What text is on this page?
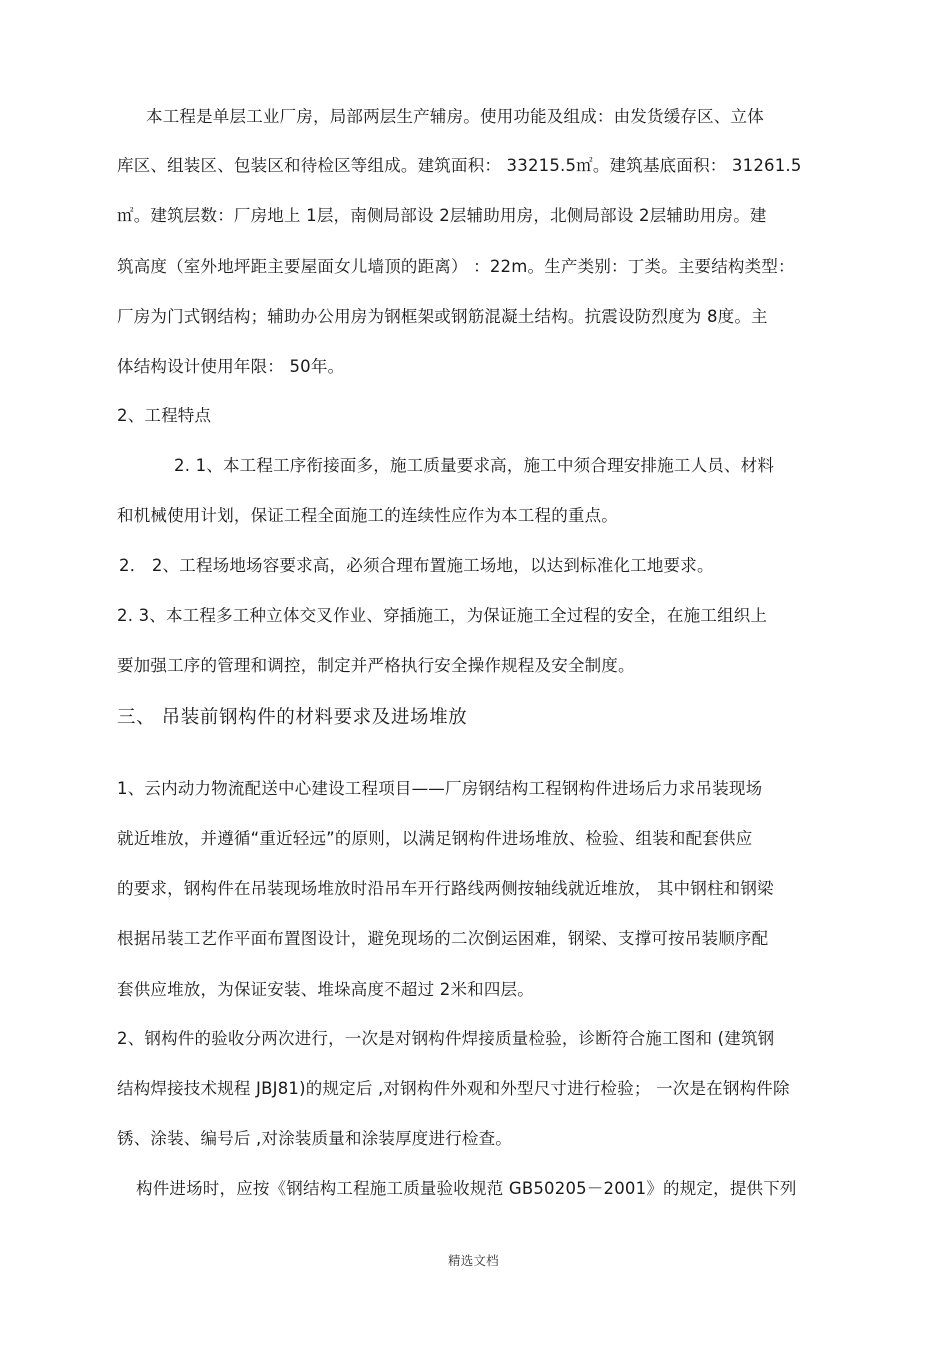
本工程是单层工业厂房，局部两层生产辅房。使用功能及组成：由发货缓存区、立体
库区、组装区、包装区和待检区等组成。建筑面积： 33215.5㎡。建筑基底面积： 31261.5
㎡。建筑层数：厂房地上 1层，南侧局部设 2层辅助用房，北侧局部设 2层辅助用房。建
筑高度（室外地坪距主要屋面女儿墙顶的距离） ：22m。生产类别：丁类。主要结构类型：
厂房为门式钢结构；辅助办公用房为钢框架或钢筋混凝土结构。抗震设防烈度为 8度。主
体结构设计使用年限： 50年。
2、工程特点
2. 1、本工程工序衔接面多，施工质量要求高，施工中须合理安排施工人员、材料
和机械使用计划，保证工程全面施工的连续性应作为本工程的重点。
2． 2、工程场地场容要求高，必须合理布置施工场地，以达到标准化工地要求。
2. 3、本工程多工种立体交叉作业、穿插施工，为保证施工全过程的安全，在施工组织上
要加强工序的管理和调控，制定并严格执行安全操作规程及安全制度。
三、 吊装前钢构件的材料要求及进场堆放
1、云内动力物流配送中心建设工程项目——厂房钢结构工程钢构件进场后力求吊装现场
就近堆放，并遵循“重近轻远”的原则，以满足钢构件进场堆放、检验、组装和配套供应
的要求，钢构件在吊装现场堆放时沿吊车开行路线两侧按轴线就近堆放， 其中钢柱和钢梁
根据吊装工艺作平面布置图设计，避免现场的二次倒运困难，钢梁、支撑可按吊装顺序配
套供应堆放，为保证安装、堆垛高度不超过 2米和四层。
2、钢构件的验收分两次进行，一次是对钢构件焊接质量检验，诊断符合施工图和 (建筑钢
结构焊接技术规程 JBJ81)的规定后 ,对钢构件外观和外型尺寸进行检验； 一次是在钢构件除
锈、涂装、编号后 ,对涂装质量和涂装厚度进行检查。
构件进场时，应按《钢结构工程施工质量验收规范 GB50205－2001》的规定，提供下列
精选文档
